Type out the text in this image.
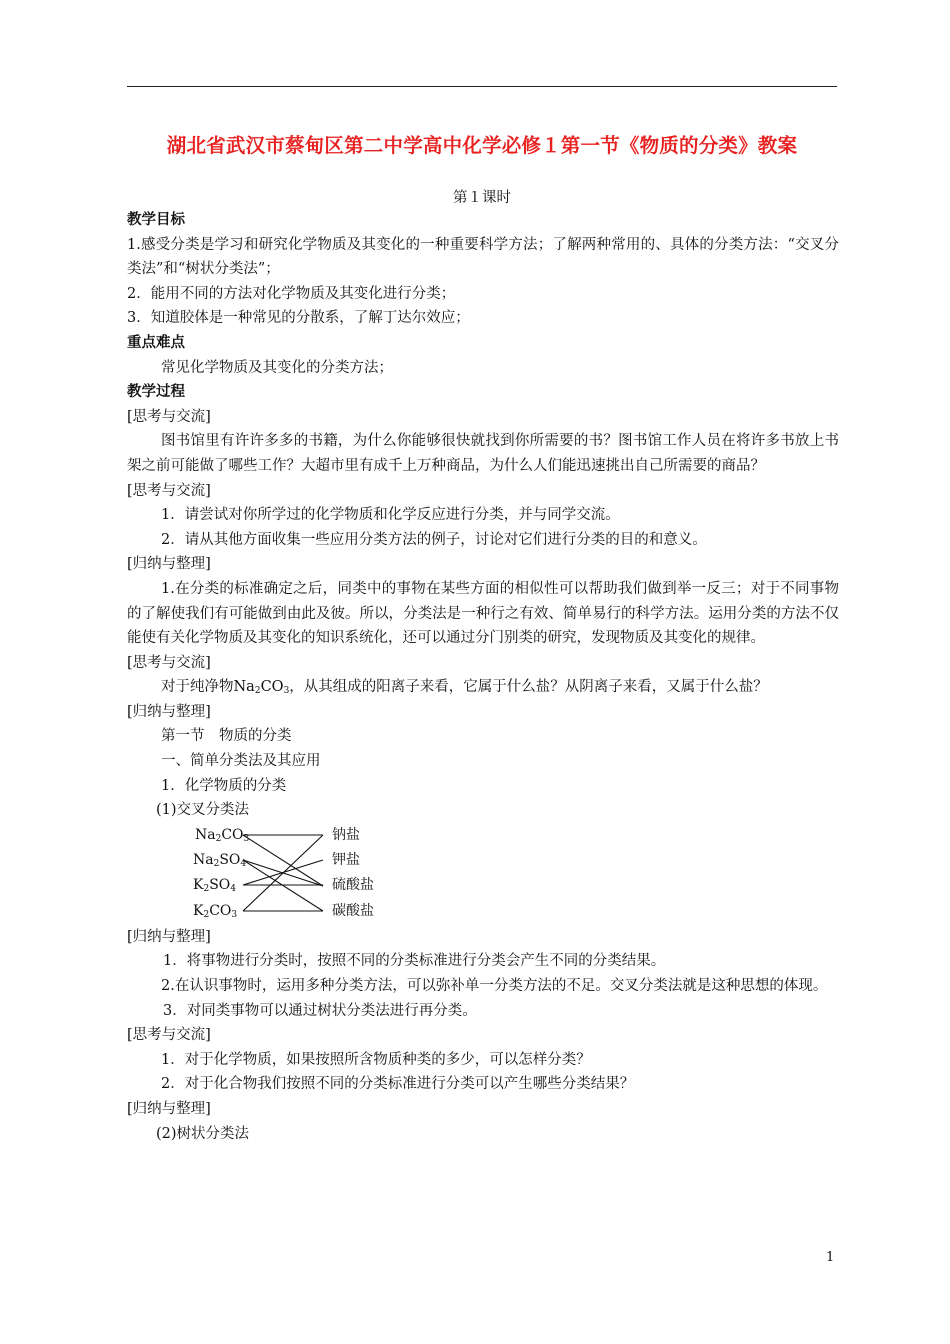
湖北省武汉市蔡甸区第二中学高中化学必修１第一节《物质的分类》教案
第１课时

教学目标

1.感受分类是学习和研究化学物质及其变化的一种重要科学方法；了解两种常用的、具体的分类方法：“交叉分类法”和“树状分类法”；

2．能用不同的方法对化学物质及其变化进行分类；

3．知道胶体是一种常见的分散系，了解丁达尔效应；

重点难点

常见化学物质及其变化的分类方法；

教学过程

[思考与交流]

图书馆里有许许多多的书籍，为什么你能够很快就找到你所需要的书？图书馆工作人员在将许多书放上书架之前可能做了哪些工作？大超市里有成千上万种商品，为什么人们能迅速挑出自己所需要的商品？

[思考与交流]

1．请尝试对你所学过的化学物质和化学反应进行分类，并与同学交流。

2．请从其他方面收集一些应用分类方法的例子，讨论对它们进行分类的目的和意义。

[归纳与整理]

1.在分类的标准确定之后，同类中的事物在某些方面的相似性可以帮助我们做到举一反三；对于不同事物的了解使我们有可能做到由此及彼。所以，分类法是一种行之有效、简单易行的科学方法。运用分类的方法不仅能使有关化学物质及其变化的知识系统化，还可以通过分门别类的研究，发现物质及其变化的规律。

[思考与交流]

对于纯净物$Na_2CO_3$，从其组成的阳离子来看，它属于什么盐？从阴离子来看，又属于什么盐？

[归纳与整理]

第一节　物质的分类

一、简单分类法及其应用

1．化学物质的分类

(1)交叉分类法

$Na_2CO_3$
$Na_2SO_4$
$K_2SO_4$
$K_2CO_3$
钠盐
钾盐
硫酸盐
碳酸盐

[归纳与整理]

1．将事物进行分类时，按照不同的分类标准进行分类会产生不同的分类结果。

2.在认识事物时，运用多种分类方法，可以弥补单一分类方法的不足。交叉分类法就是这种思想的体现。

3．对同类事物可以通过树状分类法进行再分类。

[思考与交流]

1．对于化学物质，如果按照所含物质种类的多少，可以怎样分类？

2．对于化合物我们按照不同的分类标准进行分类可以产生哪些分类结果？

[归纳与整理]

(2)树状分类法

1
